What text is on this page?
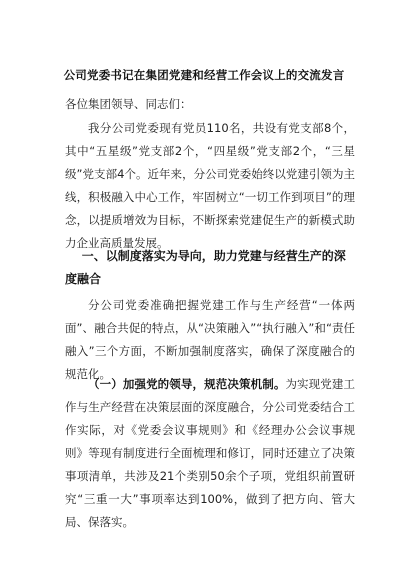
公司党委书记在集团党建和经营工作会议上的交流发言
各位集团领导、同志们：

我分公司党委现有党员110名，共设有党支部8个，其中“五星级”党支部2个，“四星级”党支部2个，“三星级”党支部4个。近年来，分公司党委始终以党建引领为主线，积极融入中心工作，牢固树立“一切工作到项目”的理念，以提质增效为目标，不断探索党建促生产的新模式助力企业高质量发展。

一、以制度落实为导向，助力党建与经营生产的深度融合

分公司党委准确把握党建工作与生产经营“一体两面”、融合共促的特点，从“决策融入”“执行融入”和“责任融入”三个方面，不断加强制度落实，确保了深度融合的规范化。

（一）加强党的领导，规范决策机制。为实现党建工作与生产经营在决策层面的深度融合，分公司党委结合工作实际，对《党委会议事规则》和《经理办公会议事规则》等现有制度进行全面梳理和修订，同时还建立了决策事项清单，共涉及21个类别50余个子项，党组织前置研究“三重一大”事项率达到100%，做到了把方向、管大局、保落实。
